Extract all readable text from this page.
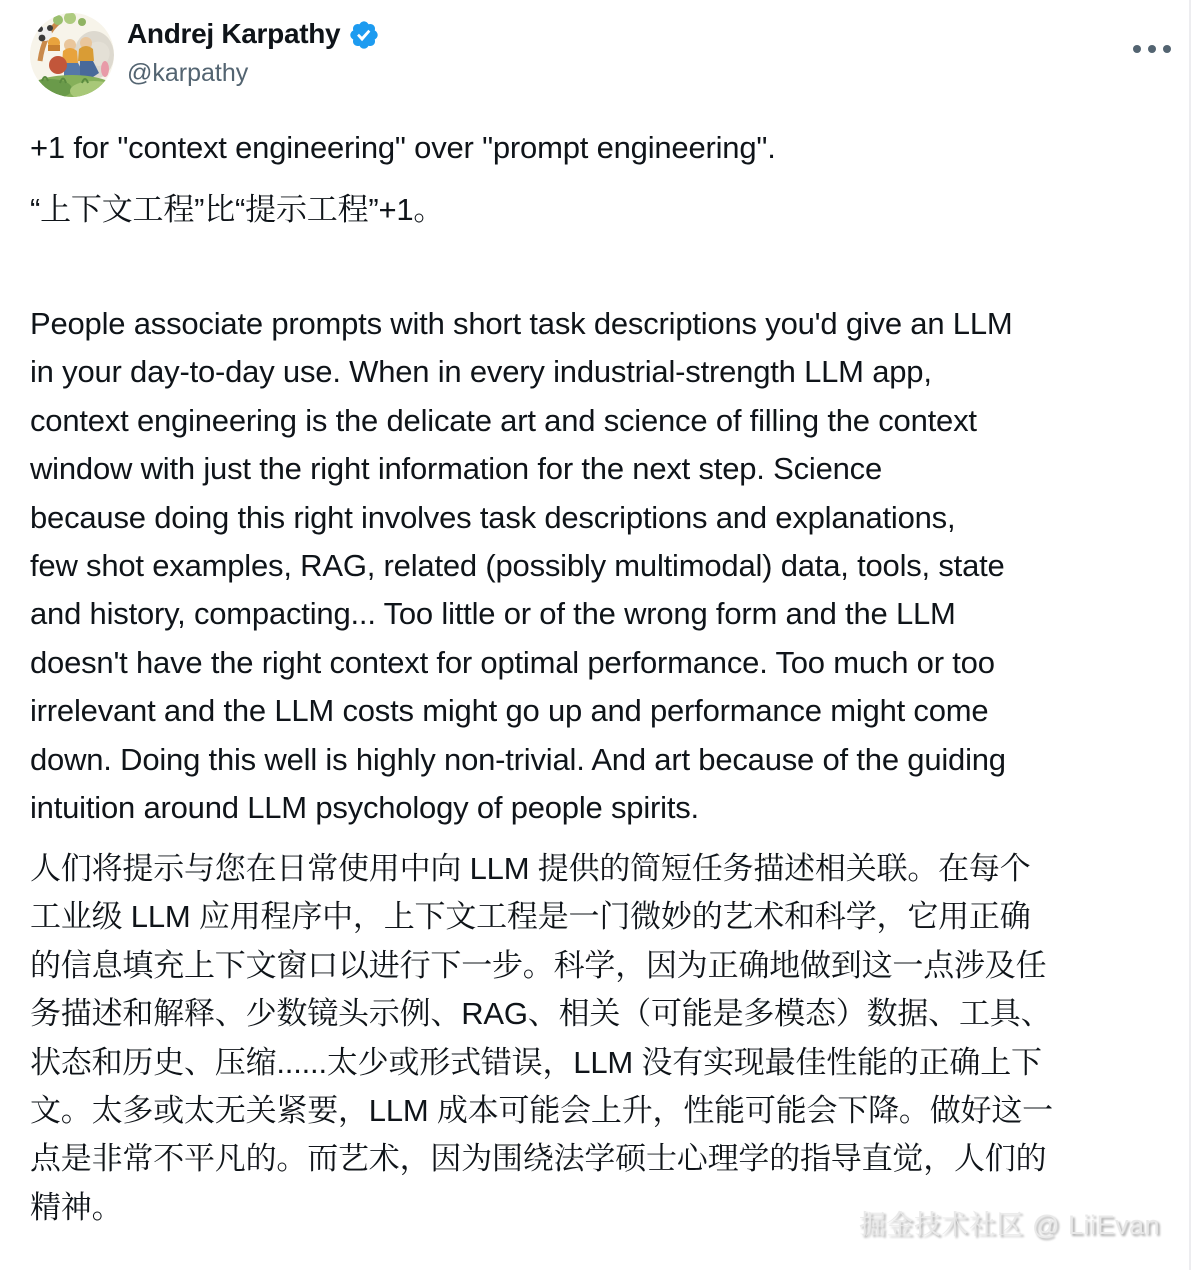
Andrej Karpathy
@karpathy
+1 for "context engineering" over "prompt engineering".
“上下文工程”比“提示工程”+1。
People associate prompts with short task descriptions you'd give an LLM
in your day-to-day use. When in every industrial-strength LLM app,
context engineering is the delicate art and science of filling the context
window with just the right information for the next step. Science
because doing this right involves task descriptions and explanations,
few shot examples, RAG, related (possibly multimodal) data, tools, state
and history, compacting... Too little or of the wrong form and the LLM
doesn't have the right context for optimal performance. Too much or too
irrelevant and the LLM costs might go up and performance might come
down. Doing this well is highly non-trivial. And art because of the guiding
intuition around LLM psychology of people spirits.
人们将提示与您在日常使用中向 LLM 提供的简短任务描述相关联。在每个
工业级 LLM 应用程序中，上下文工程是一门微妙的艺术和科学，它用正确
的信息填充上下文窗口以进行下一步。科学，因为正确地做到这一点涉及任
务描述和解释、少数镜头示例、RAG、相关（可能是多模态）数据、工具、
状态和历史、压缩......太少或形式错误，LLM 没有实现最佳性能的正确上下
文。太多或太无关紧要，LLM 成本可能会上升，性能可能会下降。做好这一
点是非常不平凡的。而艺术，因为围绕法学硕士心理学的指导直觉，人们的
精神。
掘金技术社区 @ LiiEvan
